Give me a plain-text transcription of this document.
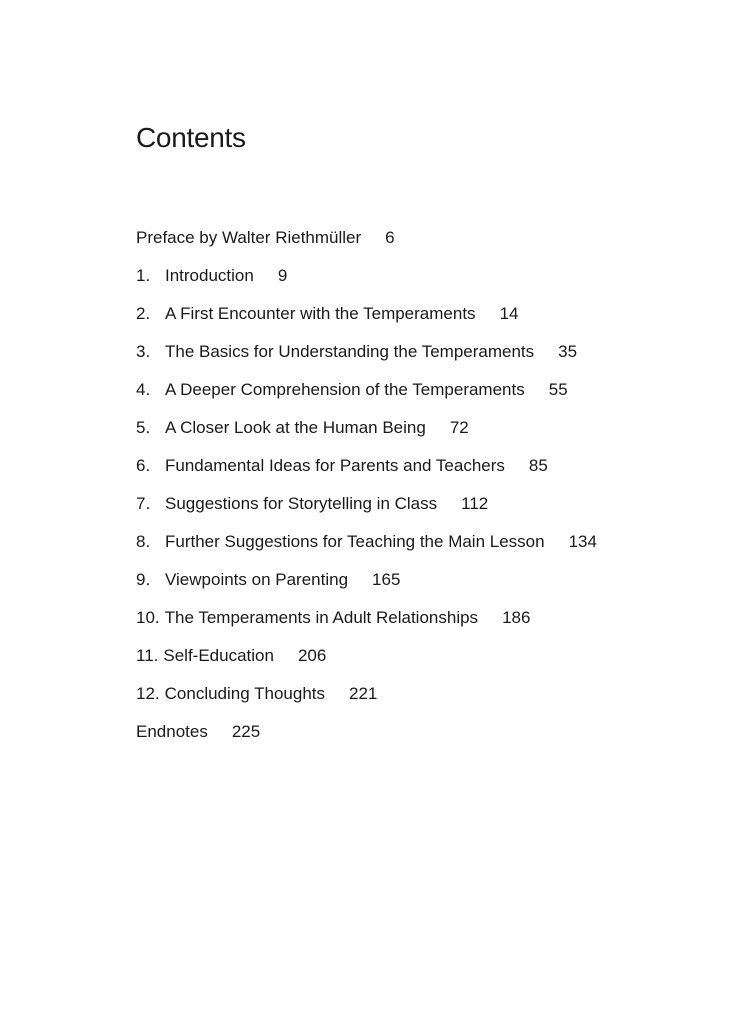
Contents
Preface by Walter Riethmüller 6
1. Introduction 9
2. A First Encounter with the Temperaments 14
3. The Basics for Understanding the Temperaments 35
4. A Deeper Comprehension of the Temperaments 55
5. A Closer Look at the Human Being 72
6. Fundamental Ideas for Parents and Teachers 85
7. Suggestions for Storytelling in Class 112
8. Further Suggestions for Teaching the Main Lesson 134
9. Viewpoints on Parenting 165
10. The Temperaments in Adult Relationships 186
11. Self-Education 206
12. Concluding Thoughts 221
Endnotes 225
